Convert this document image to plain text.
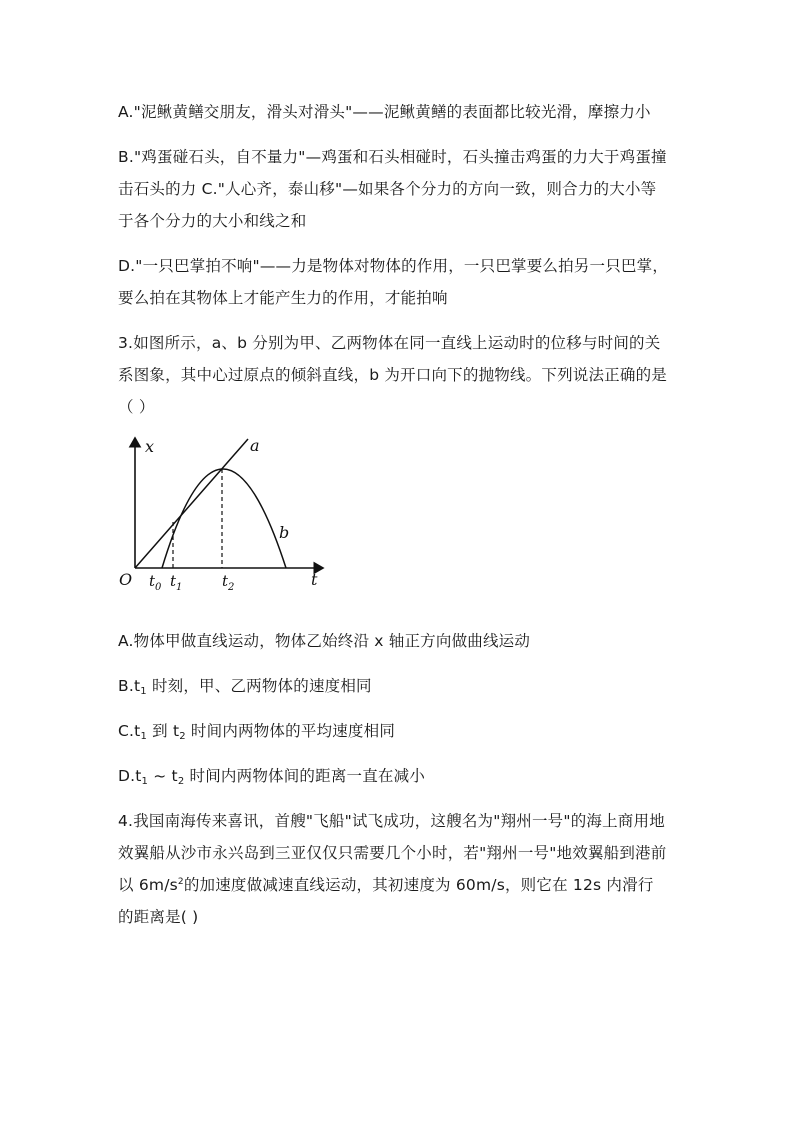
A."泥鳅黄鳝交朋友，滑头对滑头"——泥鳅黄鳝的表面都比较光滑，摩擦力小
B."鸡蛋碰石头，自不量力"—鸡蛋和石头相碰时，石头撞击鸡蛋的力大于鸡蛋撞
击石头的力 C."人心齐，泰山移"—如果各个分力的方向一致，则合力的大小等
于各个分力的大小和线之和
D."一只巴掌拍不响"——力是物体对物体的作用，一只巴掌要么拍另一只巴掌，
要么拍在其物体上才能产生力的作用，才能拍响
3.如图所示，a、b 分别为甲、乙两物体在同一直线上运动时的位移与时间的关
系图象，其中心过原点的倾斜直线，b 为开口向下的抛物线。下列说法正确的是
（ ）
x
t
O
a
b
$t_0$ $t_1$	$t_2$
A.物体甲做直线运动，物体乙始终沿 x 轴正方向做曲线运动
$B.t_1$ 时刻，甲、乙两物体的速度相同
$C.t_1$ 到 $t_2$ 时间内两物体的平均速度相同
$D.t_1$ ~ $t_2$ 时间内两物体间的距离一直在减小
4.我国南海传来喜讯，首艘"飞船"试飞成功，这艘名为"翔州一号"的海上商用地
效翼船从沙市永兴岛到三亚仅仅只需要几个小时，若"翔州一号"地效翼船到港前
以 $6m/s^2$的加速度做减速直线运动，其初速度为 60m/s，则它在 12s 内滑行
的距离是( )
